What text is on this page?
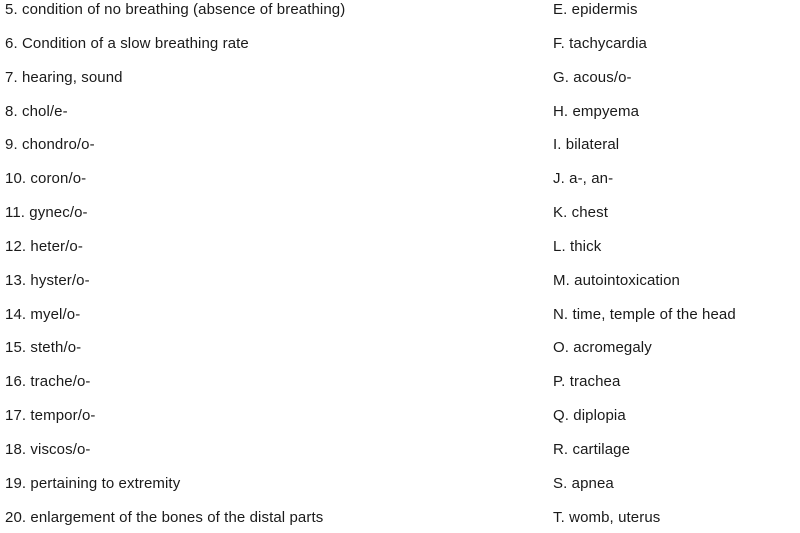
5. condition of no breathing (absence of breathing)	E. epidermis
6. Condition of a slow breathing rate	F. tachycardia
7. hearing, sound	G. acous/o-
8. chol/e-	H. empyema
9. chondro/o-	I. bilateral
10. coron/o-	J. a-, an-
11. gynec/o-	K. chest
12. heter/o-	L. thick
13. hyster/o-	M. autointoxication
14. myel/o-	N. time, temple of the head
15. steth/o-	O. acromegaly
16. trache/o-	P. trachea
17. tempor/o-	Q. diplopia
18. viscos/o-	R. cartilage
19. pertaining to extremity	S. apnea
20. enlargement of the bones of the distal parts	T. womb, uterus
